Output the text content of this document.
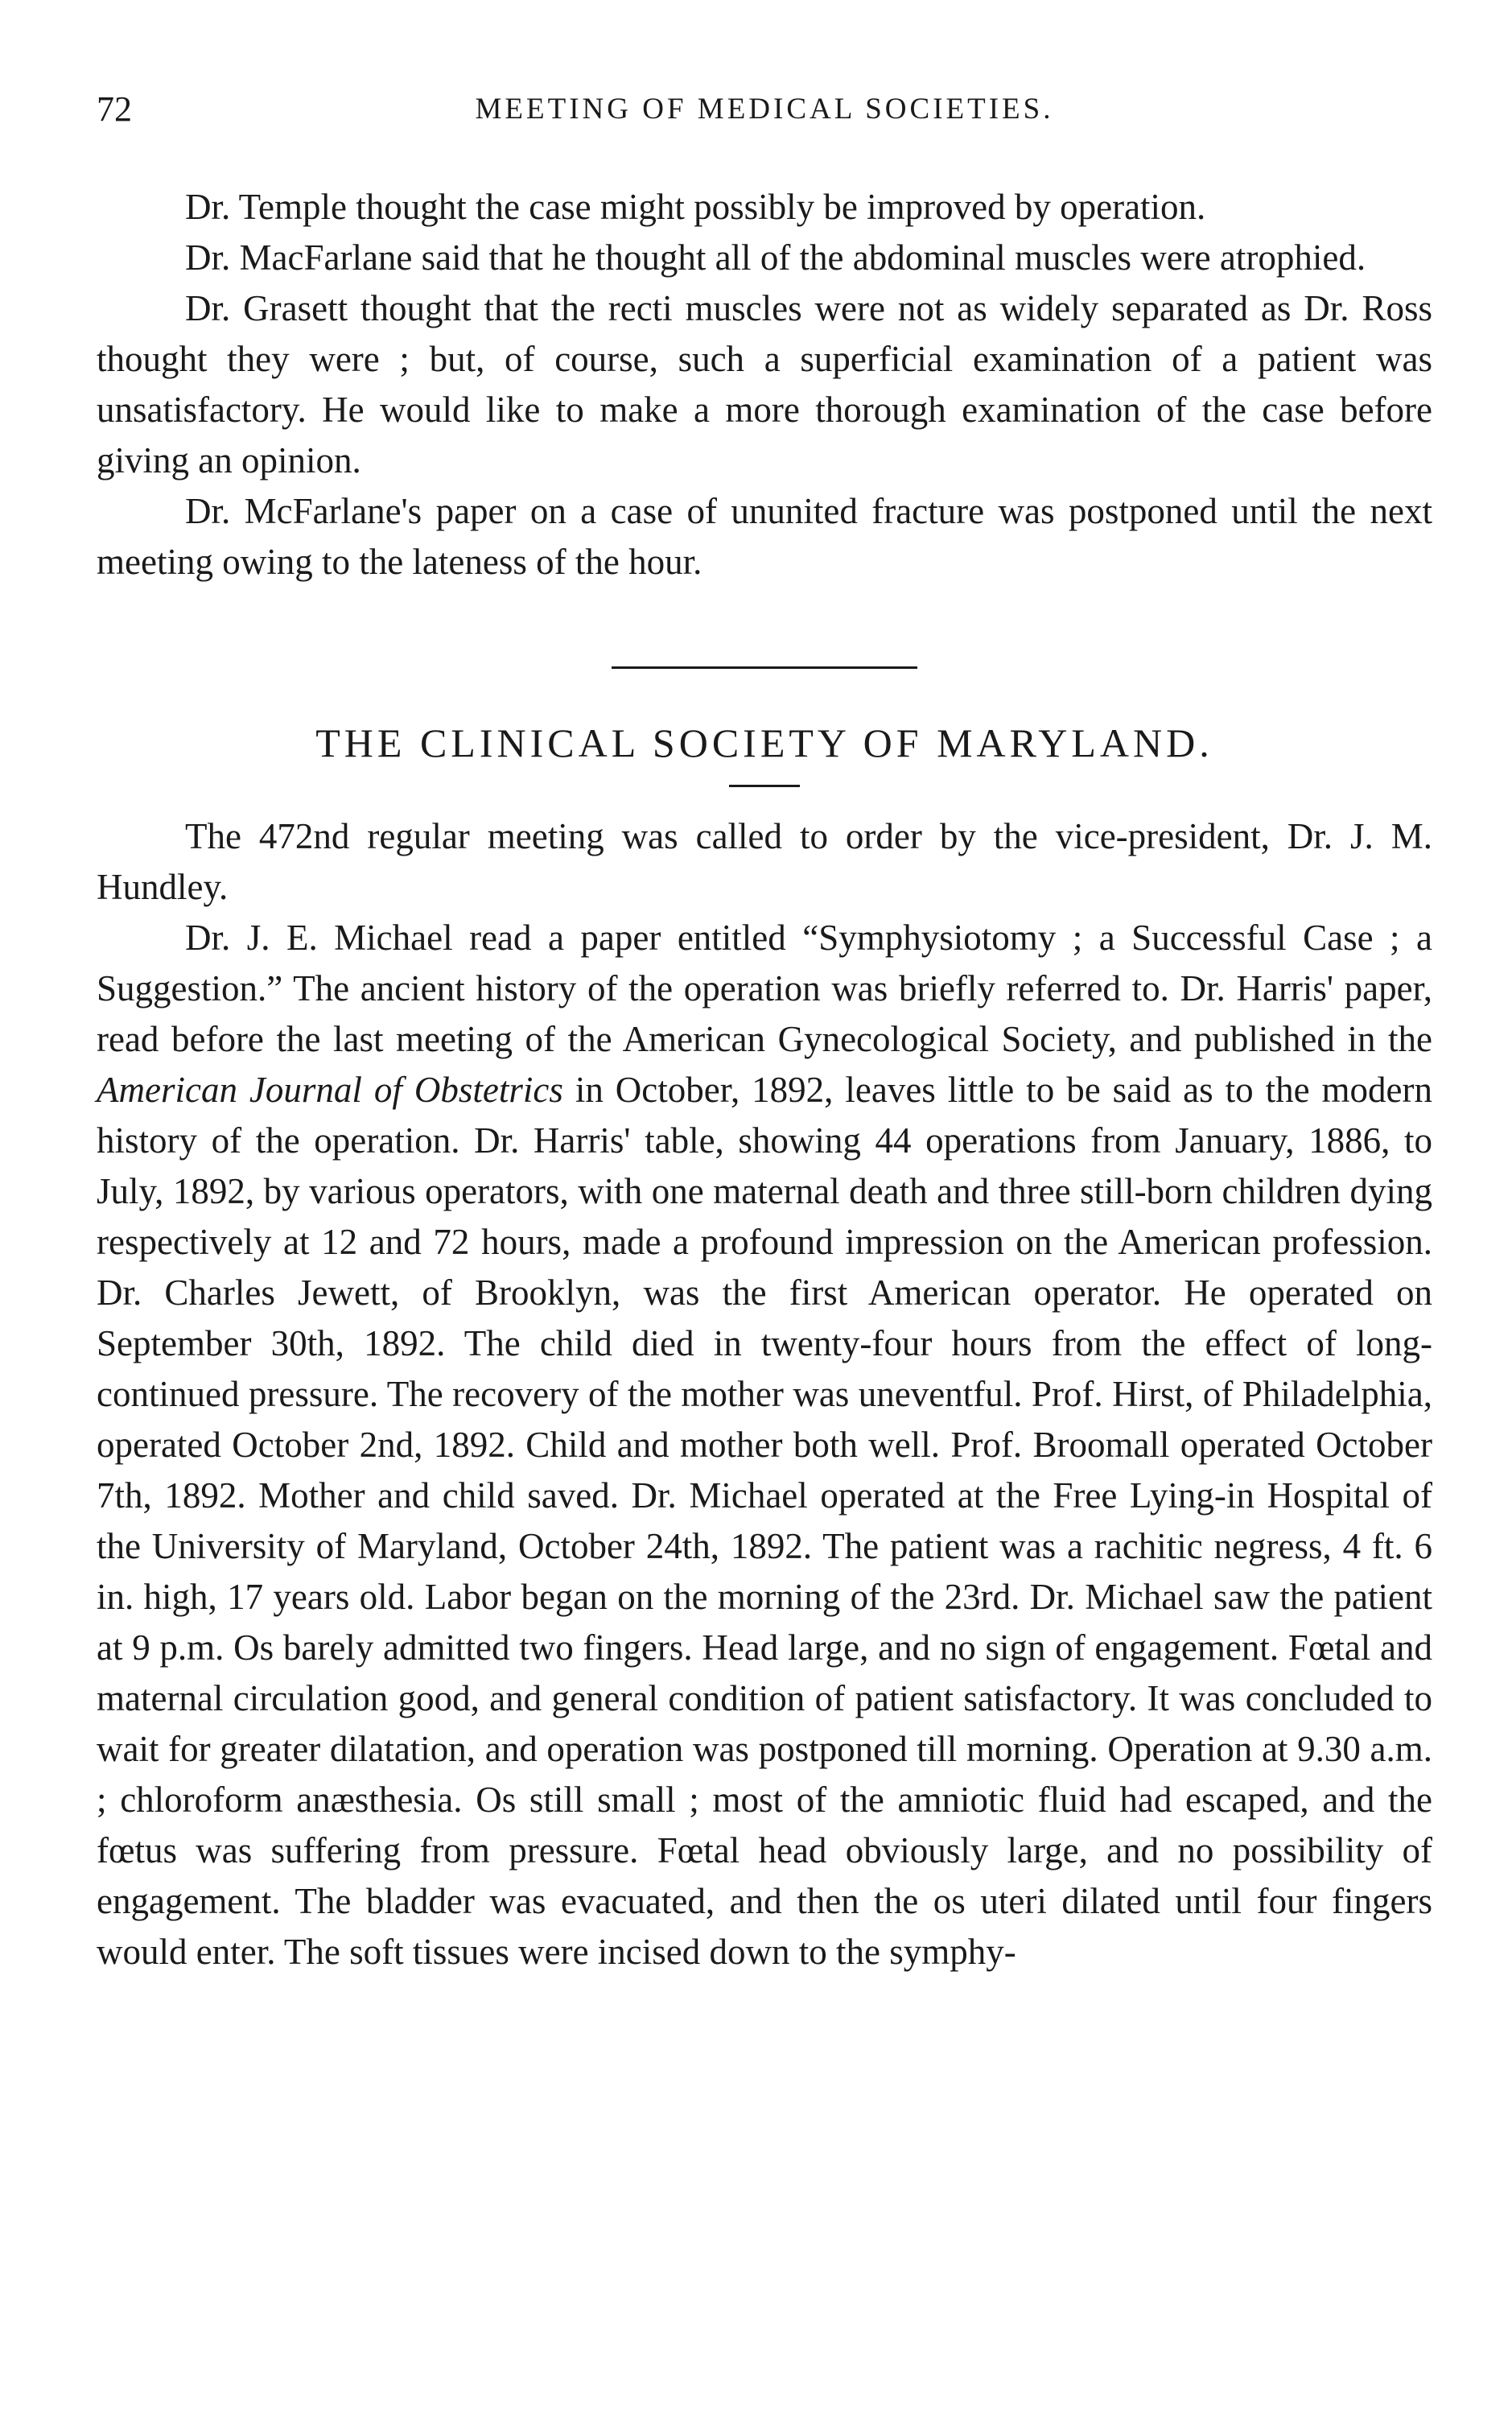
72	MEETING OF MEDICAL SOCIETIES.

Dr. Temple thought the case might possibly be improved by operation.

Dr. MacFarlane said that he thought all of the abdominal muscles were atrophied.

Dr. Grasett thought that the recti muscles were not as widely separated as Dr. Ross thought they were ; but, of course, such a superficial examination of a patient was unsatisfactory. He would like to make a more thorough examination of the case before giving an opinion.

Dr. McFarlane's paper on a case of ununited fracture was postponed until the next meeting owing to the lateness of the hour.

THE CLINICAL SOCIETY OF MARYLAND.

The 472nd regular meeting was called to order by the vice-president, Dr. J. M. Hundley.

Dr. J. E. Michael read a paper entitled “Symphysiotomy ; a Successful Case ; a Suggestion.” The ancient history of the operation was briefly referred to. Dr. Harris' paper, read before the last meeting of the American Gynecological Society, and published in the American Journal of Obstetrics in October, 1892, leaves little to be said as to the modern history of the operation. Dr. Harris' table, showing 44 operations from January, 1886, to July, 1892, by various operators, with one maternal death and three still-born children dying respectively at 12 and 72 hours, made a profound impression on the American profession. Dr. Charles Jewett, of Brooklyn, was the first American operator. He operated on September 30th, 1892. The child died in twenty-four hours from the effect of long-continued pressure. The recovery of the mother was uneventful. Prof. Hirst, of Philadelphia, operated October 2nd, 1892. Child and mother both well. Prof. Broomall operated October 7th, 1892. Mother and child saved. Dr. Michael operated at the Free Lying-in Hospital of the University of Maryland, October 24th, 1892. The patient was a rachitic negress, 4 ft. 6 in. high, 17 years old. Labor began on the morning of the 23rd. Dr. Michael saw the patient at 9 p.m. Os barely admitted two fingers. Head large, and no sign of engagement. Fœtal and maternal circulation good, and general condition of patient satisfactory. It was concluded to wait for greater dilatation, and operation was postponed till morning. Operation at 9.30 a.m. ; chloroform anæsthesia. Os still small ; most of the amniotic fluid had escaped, and the fœtus was suffering from pressure. Fœtal head obviously large, and no possibility of engagement. The bladder was evacuated, and then the os uteri dilated until four fingers would enter. The soft tissues were incised down to the symphy-
